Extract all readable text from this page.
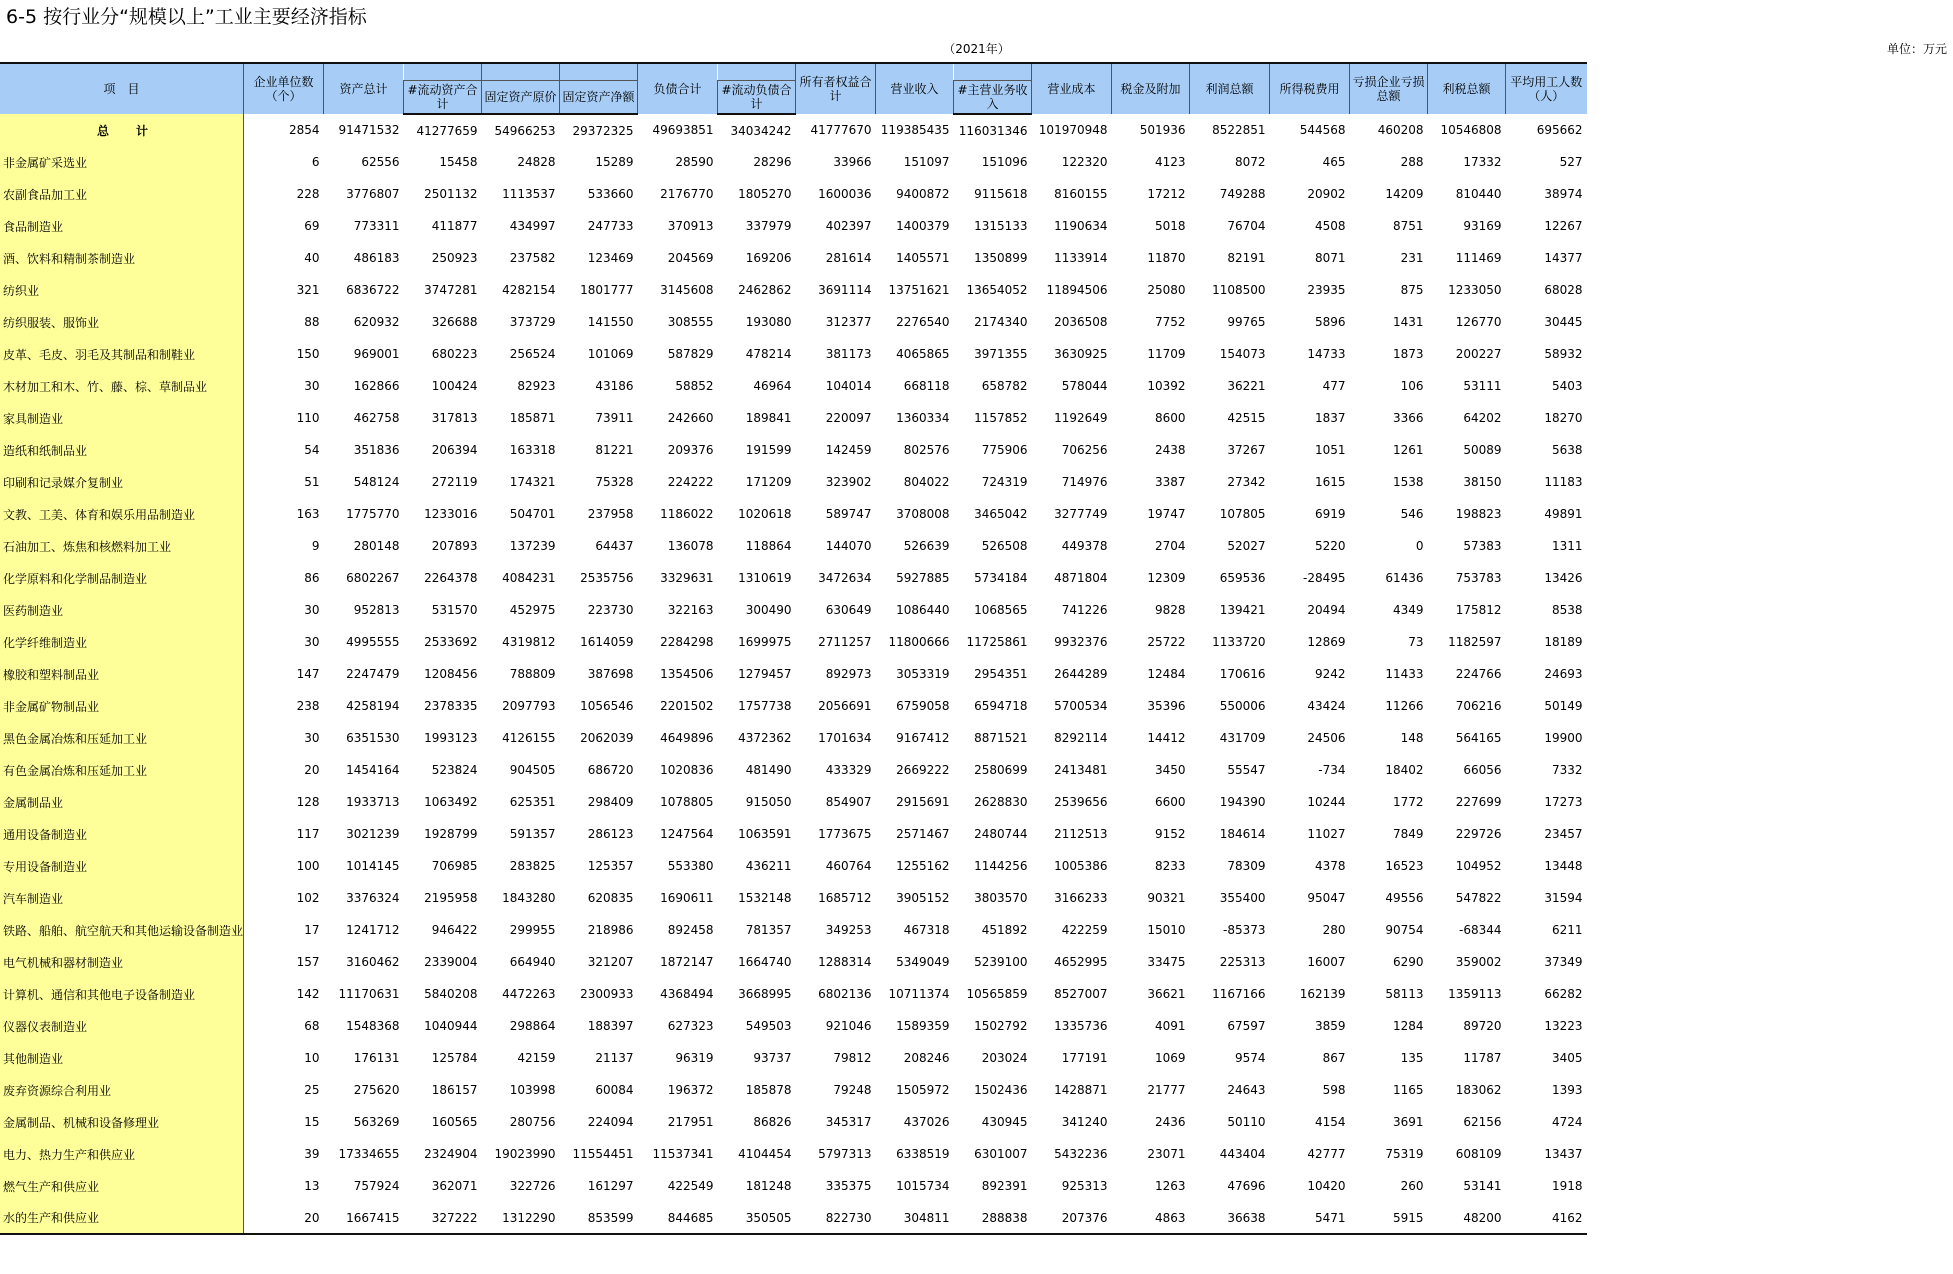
6-5 按行业分“规模以上”工业主要经济指标
（2021年）	单位：万元
项　目	企业单位数（个）	资产总计				负债合计		所有者权益合计	营业收入		营业成本	税金及附加	利润总额	所得税费用	亏损企业亏损总额	利税总额	平均用工人数（人）
			#流动资产合计	固定资产原价	固定资产净额		#流动负债合计			#主营业务收入							
总　　计	2854	91471532	41277659	54966253	29372325	49693851	34034242	41777670	119385435	116031346	101970948	501936	8522851	544568	460208	10546808	695662
非金属矿采选业	6	62556	15458	24828	15289	28590	28296	33966	151097	151096	122320	4123	8072	465	288	17332	527
农副食品加工业	228	3776807	2501132	1113537	533660	2176770	1805270	1600036	9400872	9115618	8160155	17212	749288	20902	14209	810440	38974
食品制造业	69	773311	411877	434997	247733	370913	337979	402397	1400379	1315133	1190634	5018	76704	4508	8751	93169	12267
酒、饮料和精制茶制造业	40	486183	250923	237582	123469	204569	169206	281614	1405571	1350899	1133914	11870	82191	8071	231	111469	14377
纺织业	321	6836722	3747281	4282154	1801777	3145608	2462862	3691114	13751621	13654052	11894506	25080	1108500	23935	875	1233050	68028
纺织服装、服饰业	88	620932	326688	373729	141550	308555	193080	312377	2276540	2174340	2036508	7752	99765	5896	1431	126770	30445
皮革、毛皮、羽毛及其制品和制鞋业	150	969001	680223	256524	101069	587829	478214	381173	4065865	3971355	3630925	11709	154073	14733	1873	200227	58932
木材加工和木、竹、藤、棕、草制品业	30	162866	100424	82923	43186	58852	46964	104014	668118	658782	578044	10392	36221	477	106	53111	5403
家具制造业	110	462758	317813	185871	73911	242660	189841	220097	1360334	1157852	1192649	8600	42515	1837	3366	64202	18270
造纸和纸制品业	54	351836	206394	163318	81221	209376	191599	142459	802576	775906	706256	2438	37267	1051	1261	50089	5638
印刷和记录媒介复制业	51	548124	272119	174321	75328	224222	171209	323902	804022	724319	714976	3387	27342	1615	1538	38150	11183
文教、工美、体育和娱乐用品制造业	163	1775770	1233016	504701	237958	1186022	1020618	589747	3708008	3465042	3277749	19747	107805	6919	546	198823	49891
石油加工、炼焦和核燃料加工业	9	280148	207893	137239	64437	136078	118864	144070	526639	526508	449378	2704	52027	5220	0	57383	1311
化学原料和化学制品制造业	86	6802267	2264378	4084231	2535756	3329631	1310619	3472634	5927885	5734184	4871804	12309	659536	-28495	61436	753783	13426
医药制造业	30	952813	531570	452975	223730	322163	300490	630649	1086440	1068565	741226	9828	139421	20494	4349	175812	8538
化学纤维制造业	30	4995555	2533692	4319812	1614059	2284298	1699975	2711257	11800666	11725861	9932376	25722	1133720	12869	73	1182597	18189
橡胶和塑料制品业	147	2247479	1208456	788809	387698	1354506	1279457	892973	3053319	2954351	2644289	12484	170616	9242	11433	224766	24693
非金属矿物制品业	238	4258194	2378335	2097793	1056546	2201502	1757738	2056691	6759058	6594718	5700534	35396	550006	43424	11266	706216	50149
黑色金属冶炼和压延加工业	30	6351530	1993123	4126155	2062039	4649896	4372362	1701634	9167412	8871521	8292114	14412	431709	24506	148	564165	19900
有色金属冶炼和压延加工业	20	1454164	523824	904505	686720	1020836	481490	433329	2669222	2580699	2413481	3450	55547	-734	18402	66056	7332
金属制品业	128	1933713	1063492	625351	298409	1078805	915050	854907	2915691	2628830	2539656	6600	194390	10244	1772	227699	17273
通用设备制造业	117	3021239	1928799	591357	286123	1247564	1063591	1773675	2571467	2480744	2112513	9152	184614	11027	7849	229726	23457
专用设备制造业	100	1014145	706985	283825	125357	553380	436211	460764	1255162	1144256	1005386	8233	78309	4378	16523	104952	13448
汽车制造业	102	3376324	2195958	1843280	620835	1690611	1532148	1685712	3905152	3803570	3166233	90321	355400	95047	49556	547822	31594
铁路、船舶、航空航天和其他运输设备制造业	17	1241712	946422	299955	218986	892458	781357	349253	467318	451892	422259	15010	-85373	280	90754	-68344	6211
电气机械和器材制造业	157	3160462	2339004	664940	321207	1872147	1664740	1288314	5349049	5239100	4652995	33475	225313	16007	6290	359002	37349
计算机、通信和其他电子设备制造业	142	11170631	5840208	4472263	2300933	4368494	3668995	6802136	10711374	10565859	8527007	36621	1167166	162139	58113	1359113	66282
仪器仪表制造业	68	1548368	1040944	298864	188397	627323	549503	921046	1589359	1502792	1335736	4091	67597	3859	1284	89720	13223
其他制造业	10	176131	125784	42159	21137	96319	93737	79812	208246	203024	177191	1069	9574	867	135	11787	3405
废弃资源综合利用业	25	275620	186157	103998	60084	196372	185878	79248	1505972	1502436	1428871	21777	24643	598	1165	183062	1393
金属制品、机械和设备修理业	15	563269	160565	280756	224094	217951	86826	345317	437026	430945	341240	2436	50110	4154	3691	62156	4724
电力、热力生产和供应业	39	17334655	2324904	19023990	11554451	11537341	4104454	5797313	6338519	6301007	5432236	23071	443404	42777	75319	608109	13437
燃气生产和供应业	13	757924	362071	322726	161297	422549	181248	335375	1015734	892391	925313	1263	47696	10420	260	53141	1918
水的生产和供应业	20	1667415	327222	1312290	853599	844685	350505	822730	304811	288838	207376	4863	36638	5471	5915	48200	4162
